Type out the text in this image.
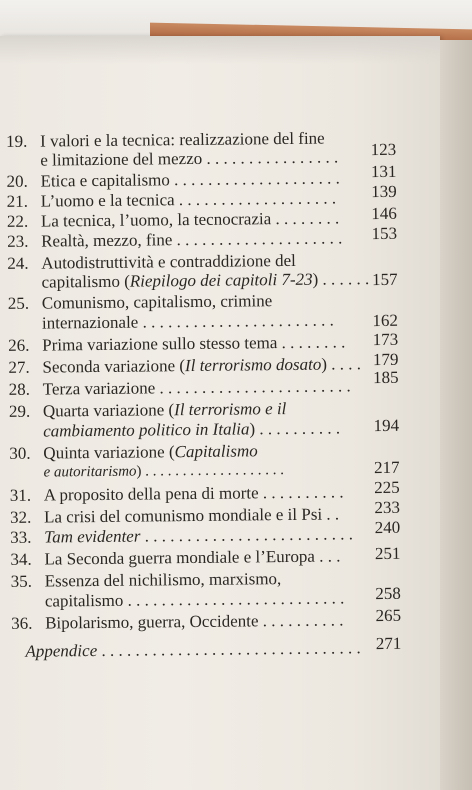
19. I valori e la tecnica: realizzazione del fine
e limitazione del mezzo . . . . . . . . . . . . . . . . 123
20. Etica e capitalismo . . . . . . . . . . . . . . . . . . . . 131
21. L’uomo e la tecnica . . . . . . . . . . . . . . . . . . . 139
22. La tecnica, l’uomo, la tecnocrazia . . . . . . . . 146
23. Realtà, mezzo, fine . . . . . . . . . . . . . . . . . . . . 153
24. Autodistruttività e contraddizione del
capitalismo (Riepilogo dei capitoli 7-23) . . . . . . 157
25. Comunismo, capitalismo, crimine
internazionale . . . . . . . . . . . . . . . . . . . . . . . 162
26. Prima variazione sullo stesso tema . . . . . . . . 173
27. Seconda variazione (Il terrorismo dosato) . . . . 179
28. Terza variazione . . . . . . . . . . . . . . . . . . . . . . . 185
29. Quarta variazione (Il terrorismo e il
cambiamento politico in Italia) . . . . . . . . . . 194
30. Quinta variazione (Capitalismo
e autoritarismo) . . . . . . . . . . . . . . . . . . .	217
31. A proposito della pena di morte . . . . . . . . . . 225
32. La crisi del comunismo mondiale e il Psi . . 233
33. Tam evidenter . . . . . . . . . . . . . . . . . . . . . . . . . 240
34. La Seconda guerra mondiale e l’Europa . . . 251
35. Essenza del nichilismo, marxismo,
capitalismo . . . . . . . . . . . . . . . . . . . . . . . . . . 258
36. Bipolarismo, guerra, Occidente . . . . . . . . . . 265
Appendice . . . . . . . . . . . . . . . . . . . . . . . . . . . . . . . 271
